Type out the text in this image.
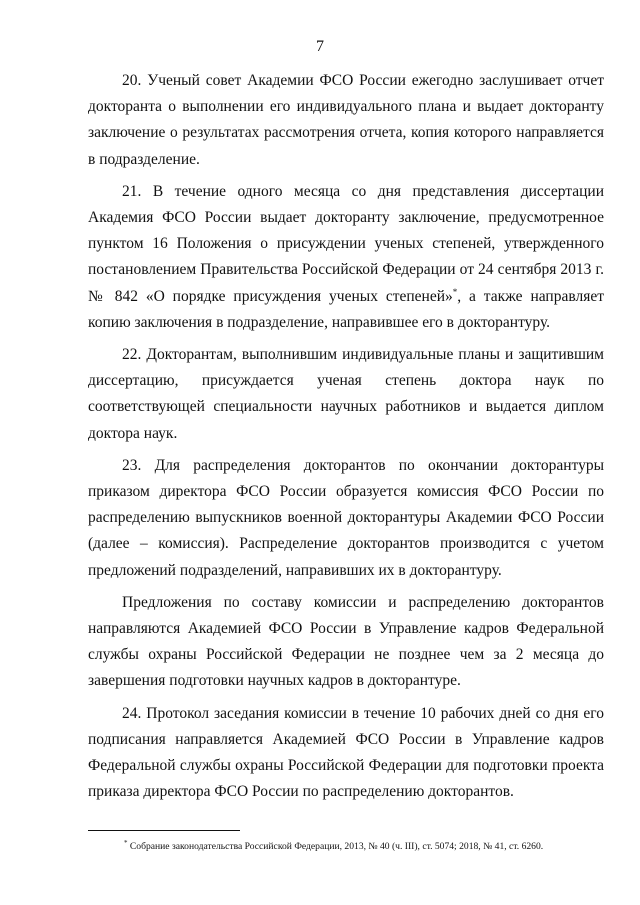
7

20. Ученый совет Академии ФСО России ежегодно заслушивает отчет докторанта о выполнении его индивидуального плана и выдает докторанту заключение о результатах рассмотрения отчета, копия которого направляется в подразделение.

21. В течение одного месяца со дня представления диссертации Академия ФСО России выдает докторанту заключение, предусмотренное пунктом 16 Положения о присуждении ученых степеней, утвержденного постановлением Правительства Российской Федерации от 24 сентября 2013 г. № 842 «О порядке присуждения ученых степеней»*, а также направляет копию заключения в подразделение, направившее его в докторантуру.

22. Докторантам, выполнившим индивидуальные планы и защитившим диссертацию, присуждается ученая степень доктора наук по соответствующей специальности научных работников и выдается диплом доктора наук.

23. Для распределения докторантов по окончании докторантуры приказом директора ФСО России образуется комиссия ФСО России по распределению выпускников военной докторантуры Академии ФСО России (далее – комиссия). Распределение докторантов производится с учетом предложений подразделений, направивших их в докторантуру.

Предложения по составу комиссии и распределению докторантов направляются Академией ФСО России в Управление кадров Федеральной службы охраны Российской Федерации не позднее чем за 2 месяца до завершения подготовки научных кадров в докторантуре.

24. Протокол заседания комиссии в течение 10 рабочих дней со дня его подписания направляется Академией ФСО России в Управление кадров Федеральной службы охраны Российской Федерации для подготовки проекта приказа директора ФСО России по распределению докторантов.

* Собрание законодательства Российской Федерации, 2013, № 40 (ч. III), ст. 5074; 2018, № 41, ст. 6260.
